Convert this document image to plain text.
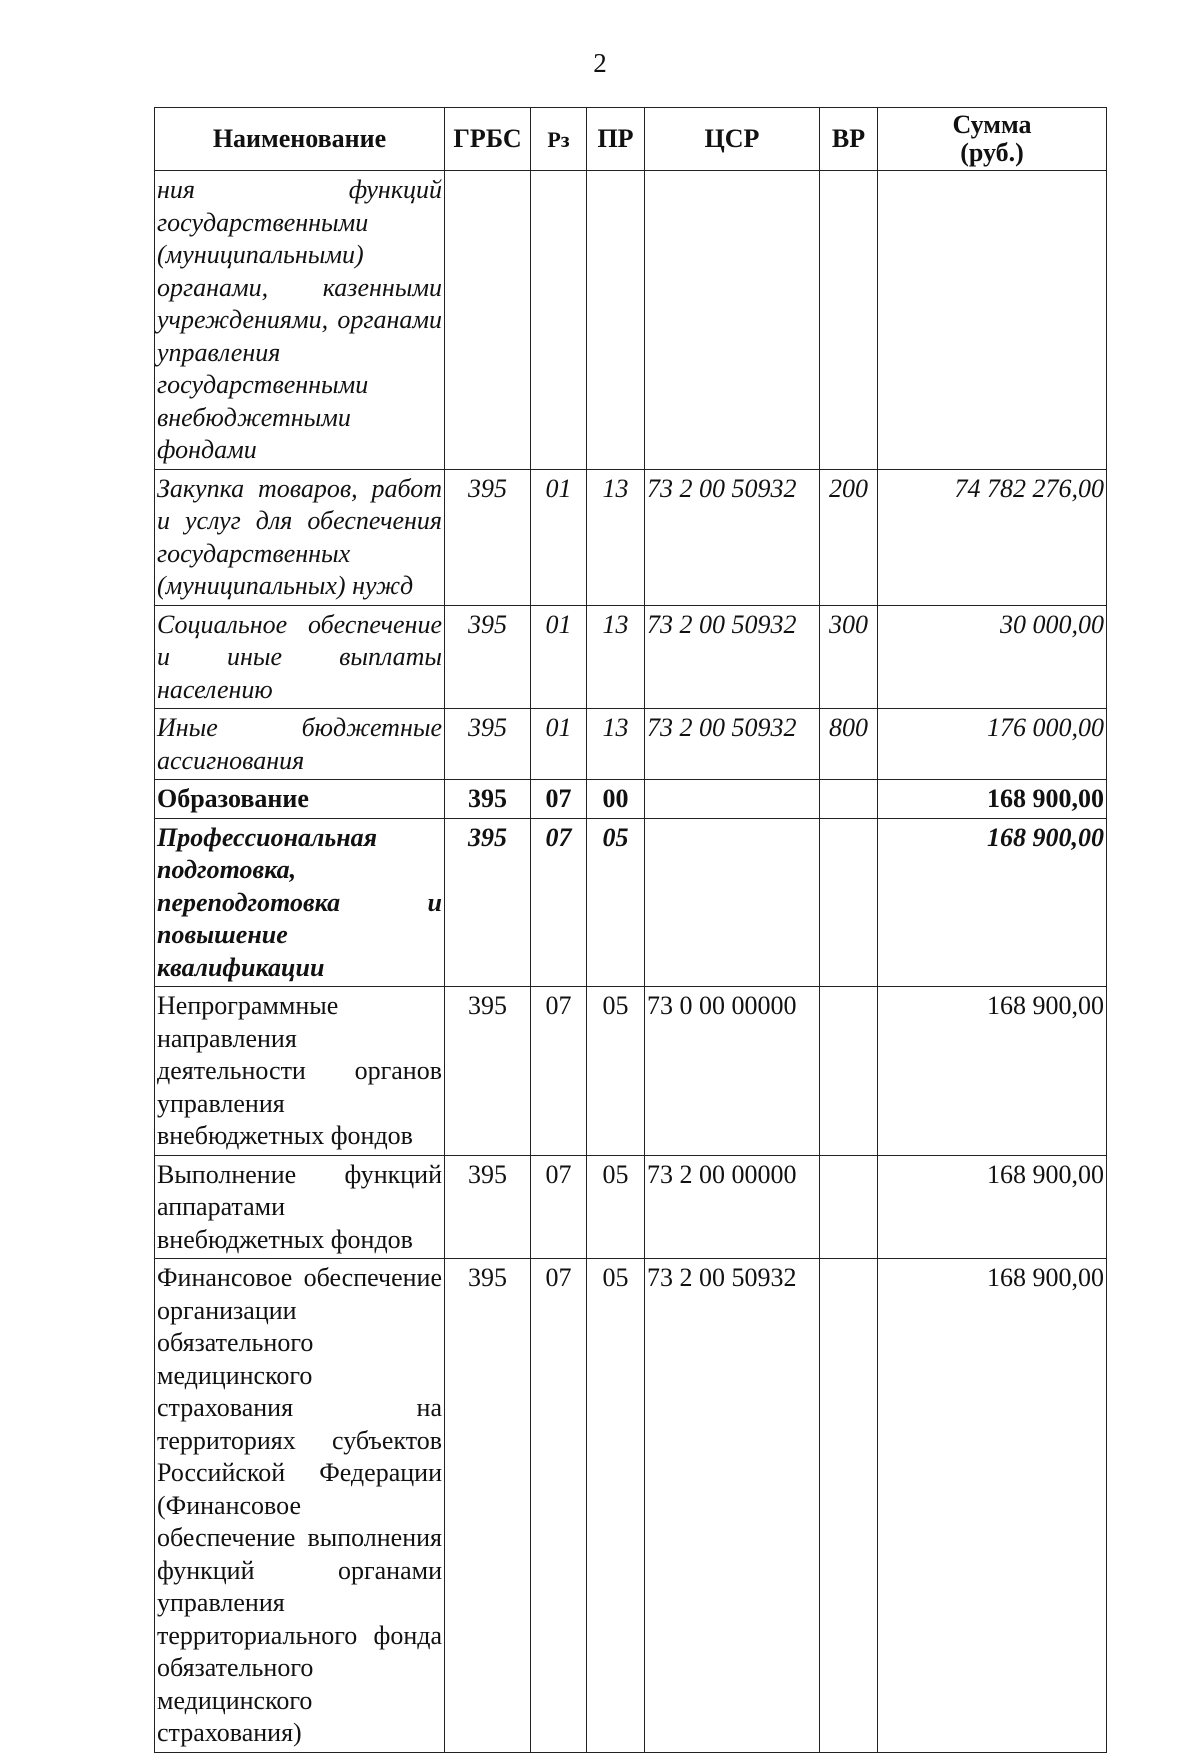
2
Наименование	ГРБС	Рз	ПР	ЦСР	ВР	Сумма
(руб.)
ния функций государственными (муниципальными) органами, казенными учреждениями, органами управления государственными внебюджетными фондами						
Закупка товаров, работ и услуг для обеспечения государственных (муниципальных) нужд	395	01	13	73 2 00 50932	200	74 782 276,00
Социальное обеспечение и иные выплаты населению	395	01	13	73 2 00 50932	300	30 000,00
Иные бюджетные ассигнования	395	01	13	73 2 00 50932	800	176 000,00
Образование	395	07	00			168 900,00
Профессиональная подготовка, переподготовка и повышение квалификации	395	07	05			168 900,00
Непрограммные направления деятельности органов управления внебюджетных фондов	395	07	05	73 0 00 00000		168 900,00
Выполнение функций аппаратами внебюджетных фондов	395	07	05	73 2 00 00000		168 900,00
Финансовое обеспечение организации обязательного медицинского страхования на территориях субъектов Российской Федерации (Финансовое обеспечение выполнения функций органами управления территориального фонда обязательного медицинского страхования)	395	07	05	73 2 00 50932		168 900,00
